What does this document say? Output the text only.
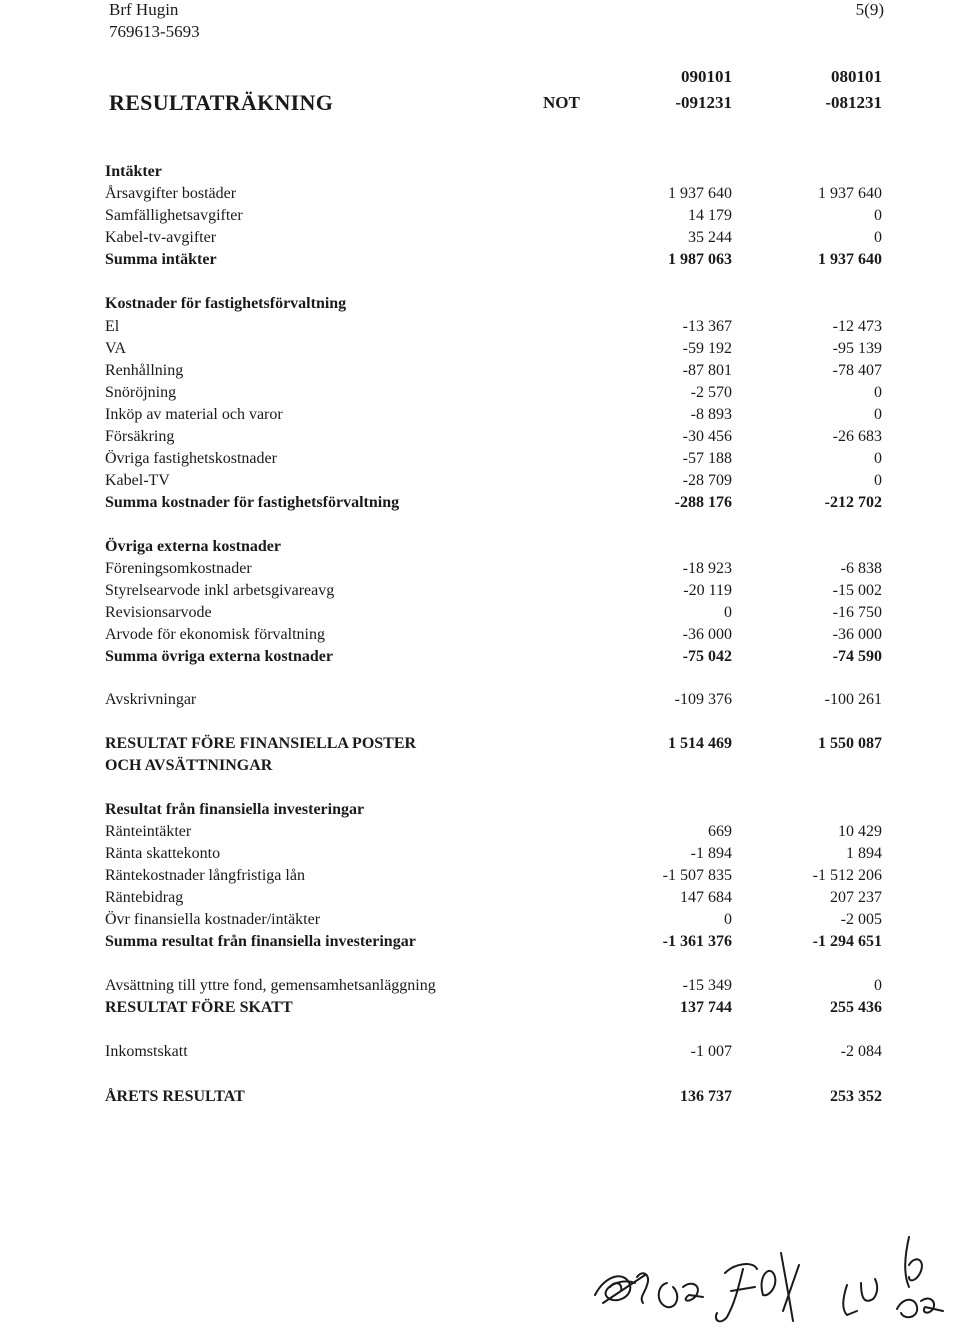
Brf Hugin
769613-5693
5(9)
090101	080101
RESULTATRÄKNING	NOT	-091231	-081231
Intäkter
Årsavgifter bostäder	1 937 640	1 937 640
Samfällighetsavgifter	14 179	0
Kabel-tv-avgifter	35 244	0
Summa intäkter	1 987 063	1 937 640
Kostnader för fastighetsförvaltning
El	-13 367	-12 473
VA	-59 192	-95 139
Renhållning	-87 801	-78 407
Snöröjning	-2 570	0
Inköp av material och varor	-8 893	0
Försäkring	-30 456	-26 683
Övriga fastighetskostnader	-57 188	0
Kabel-TV	-28 709	0
Summa kostnader för fastighetsförvaltning	-288 176	-212 702
Övriga externa kostnader
Föreningsomkostnader	-18 923	-6 838
Styrelsearvode inkl arbetsgivareavg	-20 119	-15 002
Revisionsarvode	0	-16 750
Arvode för ekonomisk förvaltning	-36 000	-36 000
Summa övriga externa kostnader	-75 042	-74 590
Avskrivningar	-109 376	-100 261
RESULTAT FÖRE FINANSIELLA POSTER	1 514 469	1 550 087
OCH AVSÄTTNINGAR
Resultat från finansiella investeringar
Ränteintäkter	669	10 429
Ränta skattekonto	-1 894	1 894
Räntekostnader långfristiga lån	-1 507 835	-1 512 206
Räntebidrag	147 684	207 237
Övr finansiella kostnader/intäkter	0	-2 005
Summa resultat från finansiella investeringar	-1 361 376	-1 294 651
Avsättning till yttre fond, gemensamhetsanläggning	-15 349	0
RESULTAT FÖRE SKATT	137 744	255 436
Inkomstskatt	-1 007	-2 084
ÅRETS RESULTAT	136 737	253 352
